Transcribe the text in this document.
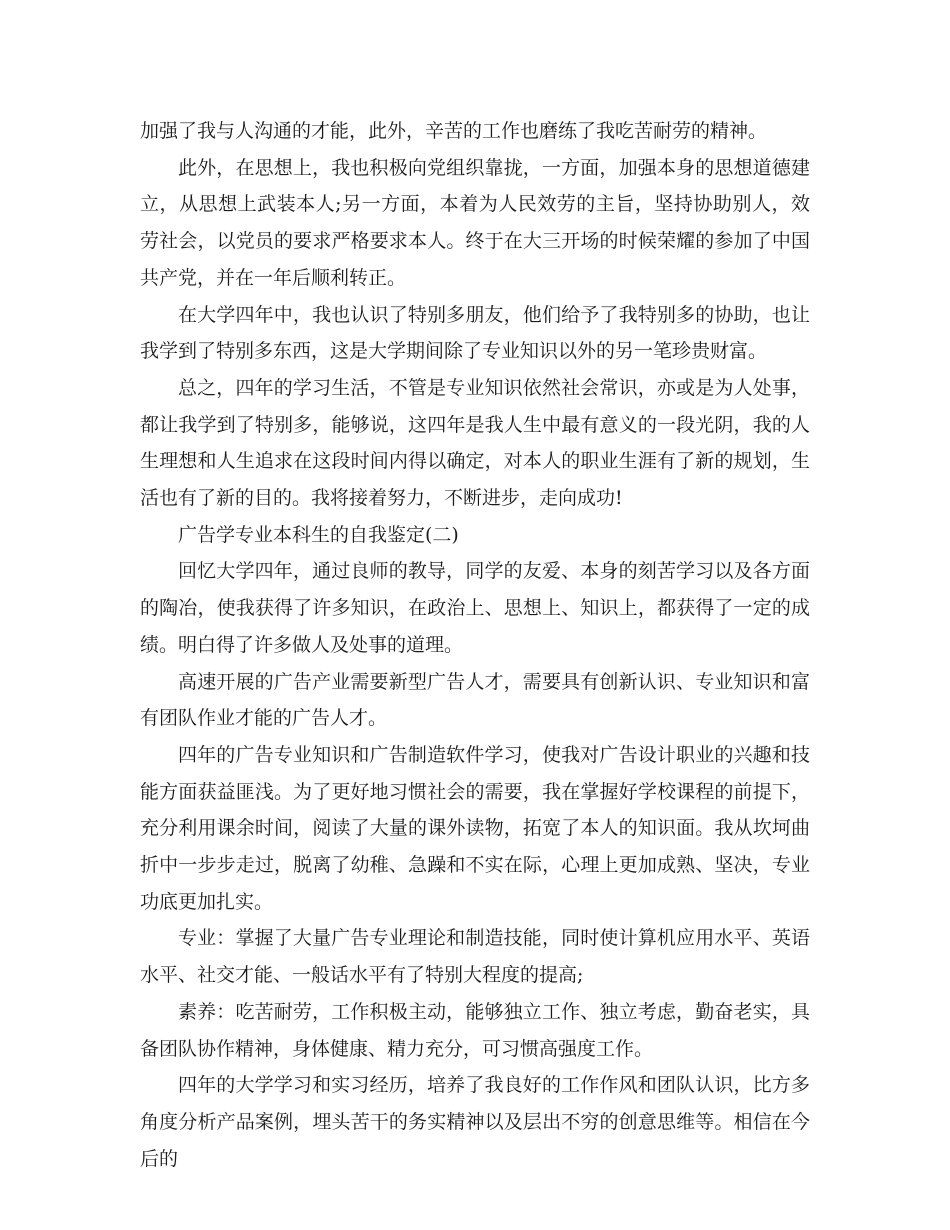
加强了我与人沟通的才能，此外，辛苦的工作也磨练了我吃苦耐劳的精神。

此外，在思想上，我也积极向党组织靠拢，一方面，加强本身的思想道德建立，从思想上武装本人;另一方面，本着为人民效劳的主旨，坚持协助别人，效劳社会，以党员的要求严格要求本人。终于在大三开场的时候荣耀的参加了中国共产党，并在一年后顺利转正。

在大学四年中，我也认识了特别多朋友，他们给予了我特别多的协助，也让我学到了特别多东西，这是大学期间除了专业知识以外的另一笔珍贵财富。

总之，四年的学习生活，不管是专业知识依然社会常识，亦或是为人处事，都让我学到了特别多，能够说，这四年是我人生中最有意义的一段光阴，我的人生理想和人生追求在这段时间内得以确定，对本人的职业生涯有了新的规划，生活也有了新的目的。我将接着努力，不断进步，走向成功!

广告学专业本科生的自我鉴定(二)

回忆大学四年，通过良师的教导，同学的友爱、本身的刻苦学习以及各方面的陶冶，使我获得了许多知识，在政治上、思想上、知识上，都获得了一定的成绩。明白得了许多做人及处事的道理。

高速开展的广告产业需要新型广告人才，需要具有创新认识、专业知识和富有团队作业才能的广告人才。

四年的广告专业知识和广告制造软件学习，使我对广告设计职业的兴趣和技能方面获益匪浅。为了更好地习惯社会的需要，我在掌握好学校课程的前提下，充分利用课余时间，阅读了大量的课外读物，拓宽了本人的知识面。我从坎坷曲折中一步步走过，脱离了幼稚、急躁和不实在际，心理上更加成熟、坚决，专业功底更加扎实。

专业：掌握了大量广告专业理论和制造技能，同时使计算机应用水平、英语水平、社交才能、一般话水平有了特别大程度的提高;

素养：吃苦耐劳，工作积极主动，能够独立工作、独立考虑，勤奋老实，具备团队协作精神，身体健康、精力充分，可习惯高强度工作。

四年的大学学习和实习经历，培养了我良好的工作作风和团队认识，比方多角度分析产品案例，埋头苦干的务实精神以及层出不穷的创意思维等。相信在今后的
